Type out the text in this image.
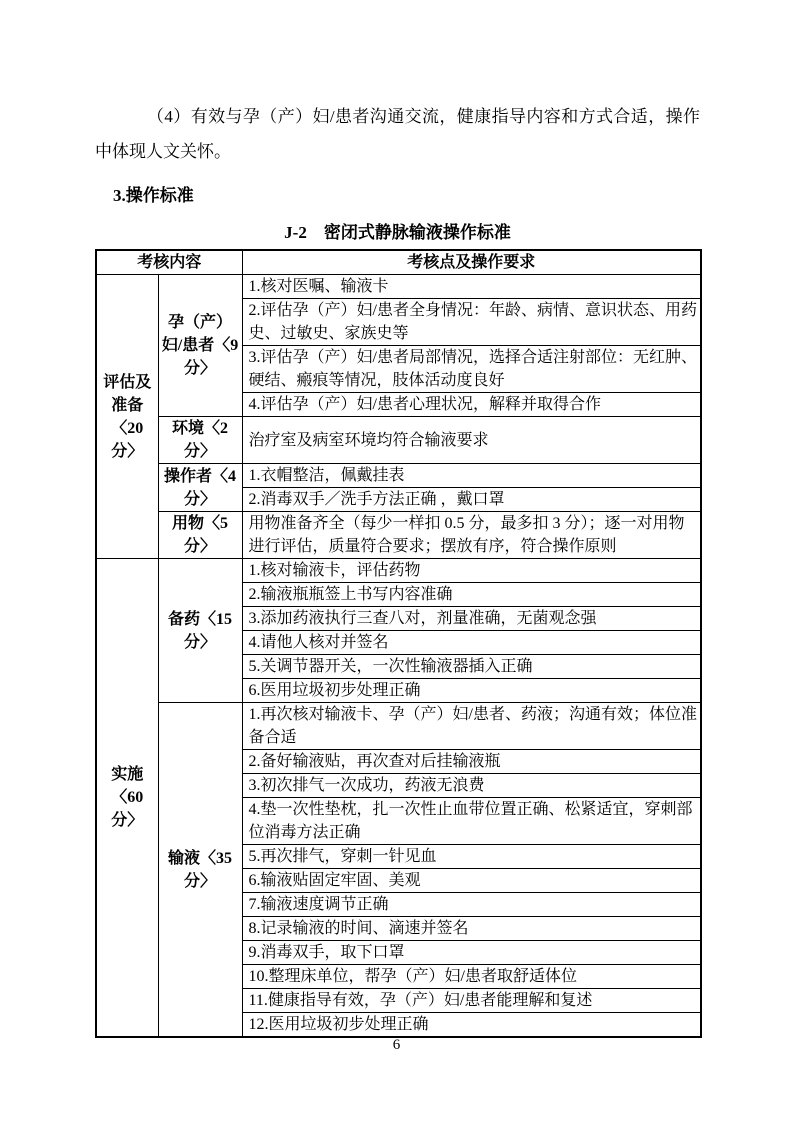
（4）有效与孕（产）妇/患者沟通交流，健康指导内容和方式合适，操作中体现人文关怀。
3.操作标准
J-2　密闭式静脉输液操作标准
考核内容		考核点及操作要求
评估及准备〈20 分〉	孕（产）妇/患者〈9 分〉	1.核对医嘱、输液卡
		2.评估孕（产）妇/患者全身情况：年龄、病情、意识状态、用药史、过敏史、家族史等
		3.评估孕（产）妇/患者局部情况，选择合适注射部位：无红肿、硬结、瘢痕等情况，肢体活动度良好
		4.评估孕（产）妇/患者心理状况，解释并取得合作
	环境〈2 分〉	治疗室及病室环境均符合输液要求
	操作者〈4 分〉	1.衣帽整洁，佩戴挂表
		2.消毒双手／洗手方法正确 ，戴口罩
	用物〈5 分〉	用物准备齐全（每少一样扣 0.5 分，最多扣 3 分）；逐一对用物进行评估，质量符合要求；摆放有序，符合操作原则
实施〈60 分〉	备药〈15 分〉	1.核对输液卡，评估药物
		2.输液瓶瓶签上书写内容准确
		3.添加药液执行三查八对，剂量准确，无菌观念强
		4.请他人核对并签名
		5.关调节器开关，一次性输液器插入正确
		6.医用垃圾初步处理正确
	输液〈35 分〉	1.再次核对输液卡、孕（产）妇/患者、药液；沟通有效；体位准备合适
		2.备好输液贴，再次查对后挂输液瓶
		3.初次排气一次成功，药液无浪费
		4.垫一次性垫枕，扎一次性止血带位置正确、松紧适宜，穿刺部位消毒方法正确
		5.再次排气，穿刺一针见血
		6.输液贴固定牢固、美观
		7.输液速度调节正确
		8.记录输液的时间、滴速并签名
		9.消毒双手，取下口罩
		10.整理床单位，帮孕（产）妇/患者取舒适体位
		11.健康指导有效，孕（产）妇/患者能理解和复述
		12.医用垃圾初步处理正确
6
